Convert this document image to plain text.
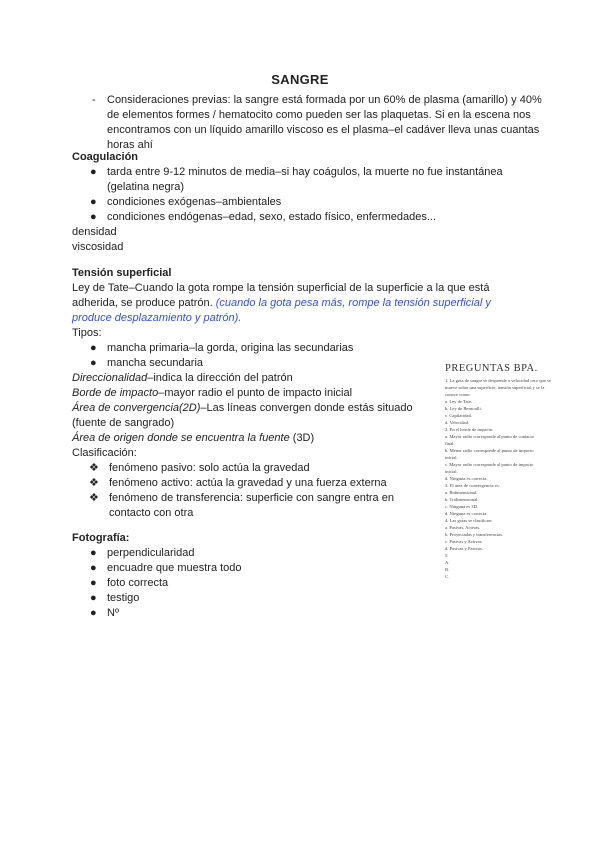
SANGRE
- Consideraciones previas: la sangre está formada por un 60% de plasma (amarillo) y 40% de elementos formes / hematocito como pueden ser las plaquetas. Si en la escena nos encontramos con un líquido amarillo viscoso es el plasma–el cadáver lleva unas cuantas horas ahí
Coagulación
● tarda entre 9-12 minutos de media–si hay coágulos, la muerte no fue instantánea (gelatina negra)
● condiciones exógenas–ambientales
● condiciones endógenas–edad, sexo, estado físico, enfermedades...
densidad
viscosidad
Tensión superficial
Ley de Tate–Cuando la gota rompe la tensión superficial de la superficie a la que está adherida, se produce patrón. (cuando la gota pesa más, rompe la tensión superficial y produce desplazamiento y patrón).
Tipos:
● mancha primaria–la gorda, origina las secundarias
● mancha secundaria
Direccionalidad–indica la dirección del patrón
Borde de impacto–mayor radio el punto de impacto inicial
Área de convergencia(2D)–Las líneas convergen donde estás situado (fuente de sangrado)
Área de origen donde se encuentra la fuente (3D)
Clasificación:
❖ fenómeno pasivo: solo actúa la gravedad
❖ fenómeno activo: actúa la gravedad y una fuerza externa
❖ fenómeno de transferencia: superficie con sangre entra en contacto con otra
Fotografía:
● perpendicularidad
● encuadre que muestra todo
● foto correcta
● testigo
● Nº
PREGUNTAS BPA.
1. La gota de sangre se desprende a velocidad cero que se
mueve sobre una superficie, tensión superficial y se la
conoce como:
a. Ley de Tate.
b. Ley de Bernoulli.
c. Capilaridad.
d. Velocidad.
2. En el borde de impacto:
a. Mayor radio corresponde al punto de contacto
final.
b. Menor radio corresponde al punto de impacto
inicial.
c. Mayor radio corresponde al punto de impacto
inicial.
d. Ninguna es correcta.
3. El área de convergencia es:
a. Bidimensional.
b. Tridimensional.
c. Ninguna es 3D.
d. Ninguna es correcta.
4. Las gotas se clasifican:
a. Pasivas, Activas.
b. Proyectadas y transferencias.
c. Pasivas y Activas.
d. Pasivas y Pasivas.
5.
A.
B.
C.
